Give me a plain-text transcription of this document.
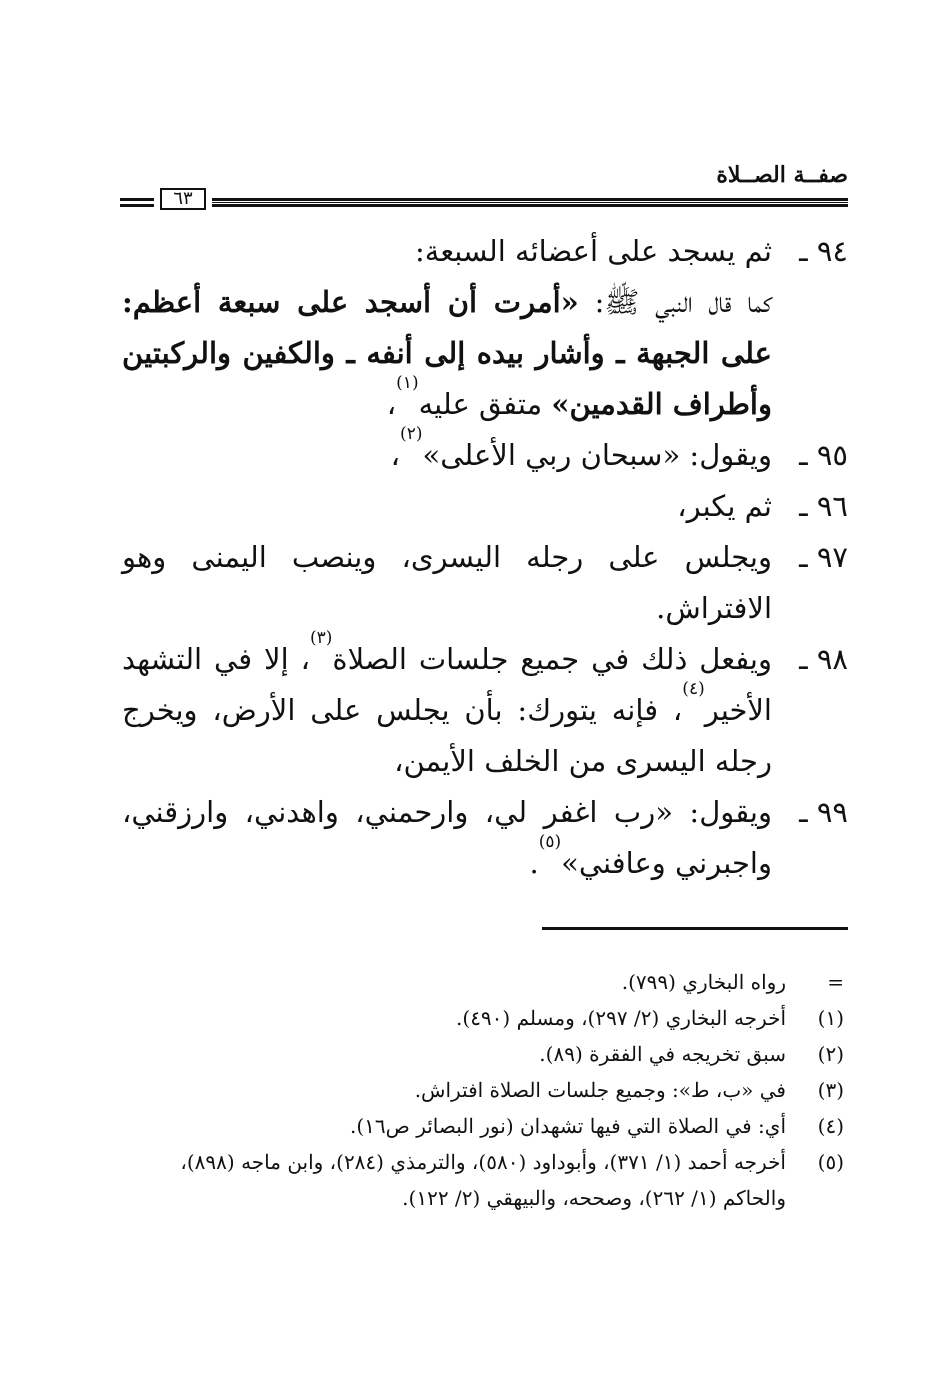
صفــة الصــلاة
٦٣
٩٤ ـ
ثم يسجد على أعضائه السبعة:
كما قال النبي ﷺ: «أمرت أن أسجد على سبعة أعظم: على الجبهة ـ وأشار بيده إلى أنفه ـ والكفين والركبتين وأطراف القدمين» متفق عليه$^{(١)}$،
٩٥ ـ
ويقول: «سبحان ربي الأعلى»$^{(٢)}$،
٩٦ ـ
ثم يكبر،
٩٧ ـ
ويجلس على رجله اليسرى، وينصب اليمنى وهو الافتراش.
٩٨ ـ
ويفعل ذلك في جميع جلسات الصلاة$^{(٣)}$، إلا في التشهد الأخير$^{(٤)}$، فإنه يتورك: بأن يجلس على الأرض، ويخرج رجله اليسرى من الخلف الأيمن،
٩٩ ـ
ويقول: «رب اغفر لي، وارحمني، واهدني، وارزقني، واجبرني وعافني»$^{(٥)}$.
=
رواه البخاري (٧٩٩).
(١)
أخرجه البخاري (٢/ ٢٩٧)، ومسلم (٤٩٠).
(٢)
سبق تخريجه في الفقرة (٨٩).
(٣)
في «ب، ط»: وجميع جلسات الصلاة افتراش.
(٤)
أي: في الصلاة التي فيها تشهدان (نور البصائر ص١٦).
(٥)
أخرجه أحمد (١/ ٣٧١)، وأبوداود (٥٨٠)، والترمذي (٢٨٤)، وابن ماجه (٨٩٨)، والحاكم (١/ ٢٦٢)، وصححه، والبيهقي (٢/ ١٢٢).
